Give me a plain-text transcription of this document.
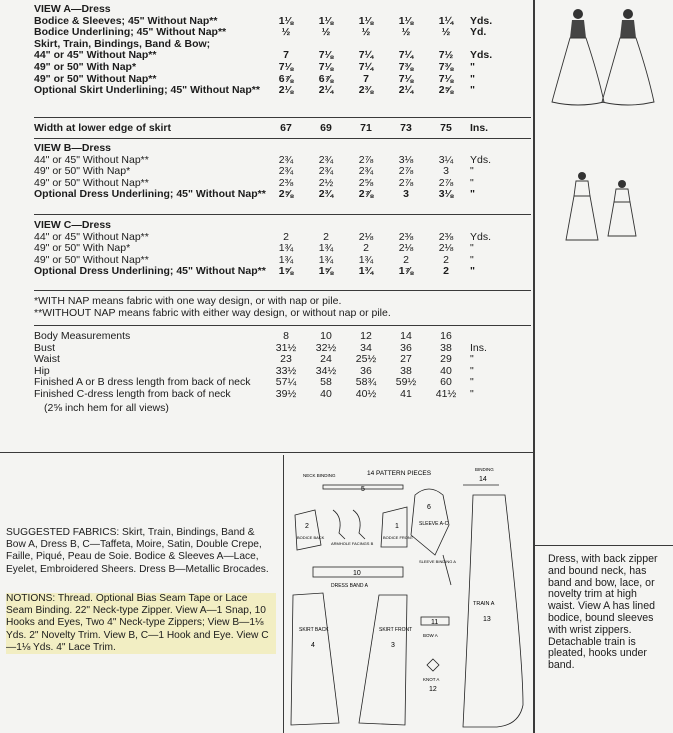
VIEW A—Dress
Bodice & Sleeves; 45" Without Nap**	1⅛	1⅛	1⅛	1⅛	1¼	Yds.
Bodice Underlining; 45" Without Nap**	½	½	½	½	½	Yd.
Skirt, Train, Bindings, Band & Bow;
44" or 45" Without Nap**	7	7⅛	7¼	7¼	7½	Yds.
49" or 50" With Nap*	7⅛	7⅛	7¼	7⅜	7⅜	"
49" or 50" Without Nap**	6⅞	6⅞	7	7⅛	7⅛	"
Optional Skirt Underlining; 45" Without Nap**	2⅛	2¼	2⅜	2¼	2⅝	"
Width at lower edge of skirt	67	69	71	73	75	Ins.
VIEW B—Dress
44" or 45" Without Nap**	2¾	2¾	2⅞	3⅛	3¼	Yds.
49" or 50" With Nap*	2¾	2¾	2¾	2⅞	3	"
49" or 50" Without Nap**	2⅜	2½	2⅝	2⅞	2⅞	"
Optional Dress Underlining; 45" Without Nap**	2⅝	2¾	2⅞	3	3⅛	"
VIEW C—Dress
44" or 45" Without Nap**	2	2	2⅛	2⅜	2⅜	Yds.
49" or 50" With Nap*	1¾	1¾	2	2⅛	2⅛	"
49" or 50" Without Nap**	1¾	1¾	1¾	2	2	"
Optional Dress Underlining; 45" Without Nap**	1⅝	1⅝	1¾	1⅞	2	"
*WITH NAP means fabric with one way design, or with nap or pile.
**WITHOUT NAP means fabric with either way design, or without nap or pile.
Body Measurements	8	10	12	14	16
Bust	31½	32½	34	36	38	Ins.
Waist	23	24	25½	27	29	"
Hip	33½	34½	36	38	40	"
Finished A or B dress length from back of neck	57¼	58	58¾	59½	60	"
Finished C-dress length from back of neck	39½	40	40½	41	41½	"
(2⅝ inch hem for all views)
SUGGESTED FABRICS: Skirt, Train, Bindings, Band & Bow A, Dress B, C—Taffeta, Moire, Satin, Double Crepe, Faille, Piqué, Peau de Soie. Bodice & Sleeves A—Lace, Eyelet, Embroidered Sheers. Dress B—Metallic Brocades.
NOTIONS: Thread. Optional Bias Seam Tape or Lace Seam Binding. 22" Neck-type Zipper. View A—1 Snap, 10 Hooks and Eyes, Two 4" Neck-type Zippers; View B—1⅛ Yds. 2" Novelty Trim. View B, C—1 Hook and Eye. View C—1⅛ Yds. 4" Lace Trim.
14 PATTERN PIECES
NECK BINDING
5
2
BODICE BACK
ARMHOLE FACINGS B
1
BODICE FRONT
6
SLEEVE A-C
BINDING
14
10
DRESS BAND A
SLEEVE BINDING A
SKIRT BACK
4
SKIRT FRONT
3
11
BOW A
KNOT A
12
TRAIN A
13
Dress, with back zipper and bound neck, has band and bow, lace, or novelty trim at high waist. View A has lined bodice, bound sleeves with wrist zippers. Detachable train is pleated, hooks under band.
